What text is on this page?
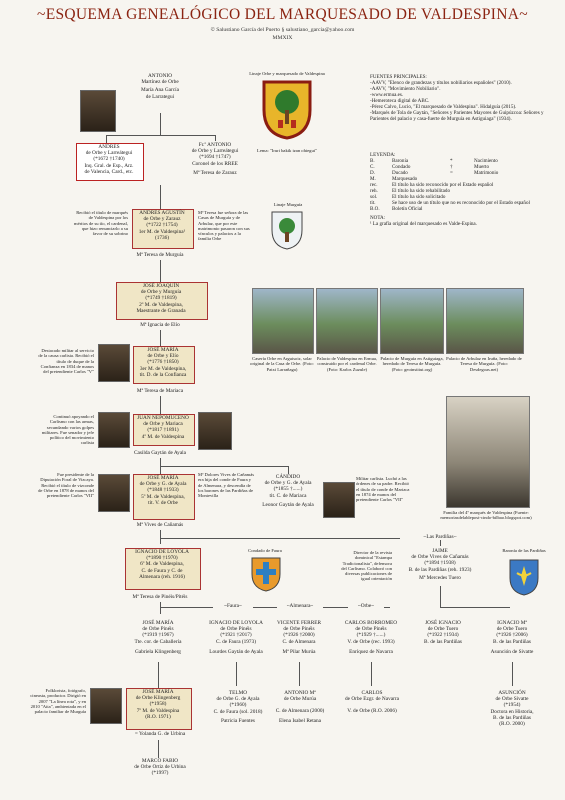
~ESQUEMA GENEALÓGICO DEL MARQUESADO DE VALDESPINA~
© Salustiano García del Puerto § salustiano_garcia@yahoo.com
MMXIX
ANTONIO
Martínez de Orbe
María Ana García
de Larrategui
ANDRES
de Orbe y Larreátegui
(*1672 †1740)
Inq. Gral. de Esp., Arz.
de Valencia, Card., etc.
Fr.º ANTONIO
de Orbe y Larreátegui
(*1694 †1747)
Coronel de los RREE
Mª Teresa de Zarauz
ANDRES AGUSTÍN
de Orbe y Zarauz
(*1722 †1754)
1er M. de Valdespina¹
(1736)
Recibió el título de marqués de Valdespina por los méritos de su tío, el cardenal, que hizo renunciarlo a su favor de su sobrino
Mª Teresa fue señora de las Casas de Murguía y de Arbulaz, que por este matrimonio pasaron con sus vínculos y palacios a la familia Orbe
Mª Teresa de Murguía
JOSÉ JOAQUÍN
de Orbe y Murguía
(*1749 †1819)
2º M. de Valdespina,
Maestrante de Granada
Mª Ignacia de Elío
JOSÉ MARÍA
de Orbe y Elío
(*1776 †1850)
3er M. de Valdespina,
tit. D. de la Confianza
Destacado militar al servicio de la causa carlista. Recibió el título de duque de la Confianza en 1834 de manos del pretendiente Carlos "V"
Mª Teresa de Mariaca
JUAN NEPOMUCENO
de Orbe y Mariaca
(*1817 †1891)
4º M. de Valdespina
Continuó apoyando el Carlismo con las armas, secundando varios golpes militares. Fue senador y jefe político del movimiento carlista
Casilda Gaytán de Ayala
JOSÉ MARÍA
de Orbe y G. de Ayala
(*1848 †1933)
5º M. de Valdespina,
tit. V. de Orbe
Fue presidente de la Diputación Foral de Vizcaya. Recibió el título de vizconde de Orbe en 1878 de manos del pretendiente Carlos "VII"
Mª Dolores Vives de Cañamás era hija del conde de Faura y de Almenara, y descendía de los barones de las Pardiñas de Montevilla
Mª Vives de Cañamás
CÁNDIDO
de Orbe y G. de Ayala
(*1855 †......)
tit. C. de Mariaca
Leonor Gaytán de Ayala
Militar carlista. Luchó a las órdenes de su padre. Recibió el título de conde de Mariaca en 1874 de manos del pretendiente Carlos "VII"
~Las Pardiñas~
IGNACIO DE LOYOLA
(*1890 †1970)
6º M. de Valdespina,
C. de Faura y C. de
Almenara (reh. 1916)
Mª Teresa de Pinéis/Pitéis
JAIME
de Orbe Vives de Cañamás
(*1894 †1938)
B. de las Pardiñas (reh. 1923)
Mª Mercedes Tuero
Director de la revista dominical "Estampa Tradicionalista", defensora del Carlismo. Colaboró con diversas publicaciones de igual orientación
Condado de Faura	Baronía de las Pardiñas
~Faura~	~Almenara~	~Orbe~
JOSÉ MARÍA
de Orbe Pinéis
(*1919 †1967)
Tte. cor. de Caballería
Gabriela Klingenberg
IGNACIO DE LOYOLA
de Orbe Pinéis
(*1921 †2017)
C. de Faura (1973)
Lourdes Gaytán de Ayala
VICENTE FERRER
de Orbe Pinéis
(*1926 †2000)
C. de Almenara
Mª Pilar Murúa
CARLOS BORROMEO
de Orbe Pinéis
(*1929 †......)
V. de Orbe (rec. 1993)
Enríquez de Navarra
JOSÉ IGNACIO
de Orbe Tuero
(*1922 †1934)
B. de las Pardiñas
IGNACIO Mª
de Orbe Tuero
(*1926 †2006)
B. de las Pardiñas
Asunción de Sivatte
Folklorista, fotógrafo, cineasta, productor. Dirigió en 2007 "La línea rota", y en 2010 "Aita", ambientada en el palacio familiar de Murguía
JOSÉ MARÍA
de Orbe Klingenberg
(*1958)
7º M. de Valdespina
(R.O. 1971)
= Yolanda G. de Urbina
TELMO
de Orbe G. de Ayala
(*1960)
C. de Faura (sol. 2018)
Patricia Fuentes
ANTONIO Mª
de Orbe Murúa
C. de Almenara (2000)
Elena Isabel Retana
CARLOS
de Orbe Ezgr. de Navarra
V. de Orbe (R.O. 2006)
ASUNCIÓN
de Orbe Sivatte
(*1954)
Doctora en Historia,
B. de las Pardiñas
(R.O. 2000)
MARCO FABIO
de Orbe Ortiz de Urbina
(*1997)
Linaje Orbe y marquesado de Valdespina
Lema: "Iruri bakik izan ohiegui"
Linaje Murguía
FUENTES PRINCIPALES:
-AAVV, "Elenco de grandezas y títulos nobiliarios españoles" (2010).
-AAVV, "Movimiento Nobiliario".
-www.ermua.es.
-Hemeroteca digital de ABC.
-Pérez Calvo, Lucio, "El marquesado de Valdespina". Hidalguía (2015).
-Marqués de Tola de Gaytán, "Señores y Parientes Mayores de Guipúzcoa: Señores y Parientes del palacio y casa-fuerte de Murguía en Astiguiaga" (1934).
LEYENDA:
B.	Baronía	*	Nacimiento
C.	Condado	†	Muerto
D.	Ducado	=	Matrimonio
M.	Marquesado
rec.	El título ha sido reconocido por el Estado español
reh.	El título ha sido rehabilitado
sol.	El título ha sido solicitado
tit.	Se hace uso de un título que no es reconocido por el Estado español
B.O.	Boletín Oficial
NOTA:
¹ La grafía original del marquesado es Valde-Espina.
Casería Orbe en Arguisoiz, solar original de la Casa de Orbe. (Foto: Patxi Larrañaga)
Palacio de Valdespina en Ermua, construido por el cardenal Orbe. (Foto: Karlos Zuzule)
Palacio de Murguía en Astiguiaga, heredado de Teresa de Murguía. (Foto: geoinstitut.org)
Palacio de Arbulaz en Iruña, heredado de Teresa de Murguía. (Foto: Desdegoas.net)
Familia del 4º marqués de Valdespina (Fuente: memoriasdelablepost-cindo-bilbao.blogspot.com)
